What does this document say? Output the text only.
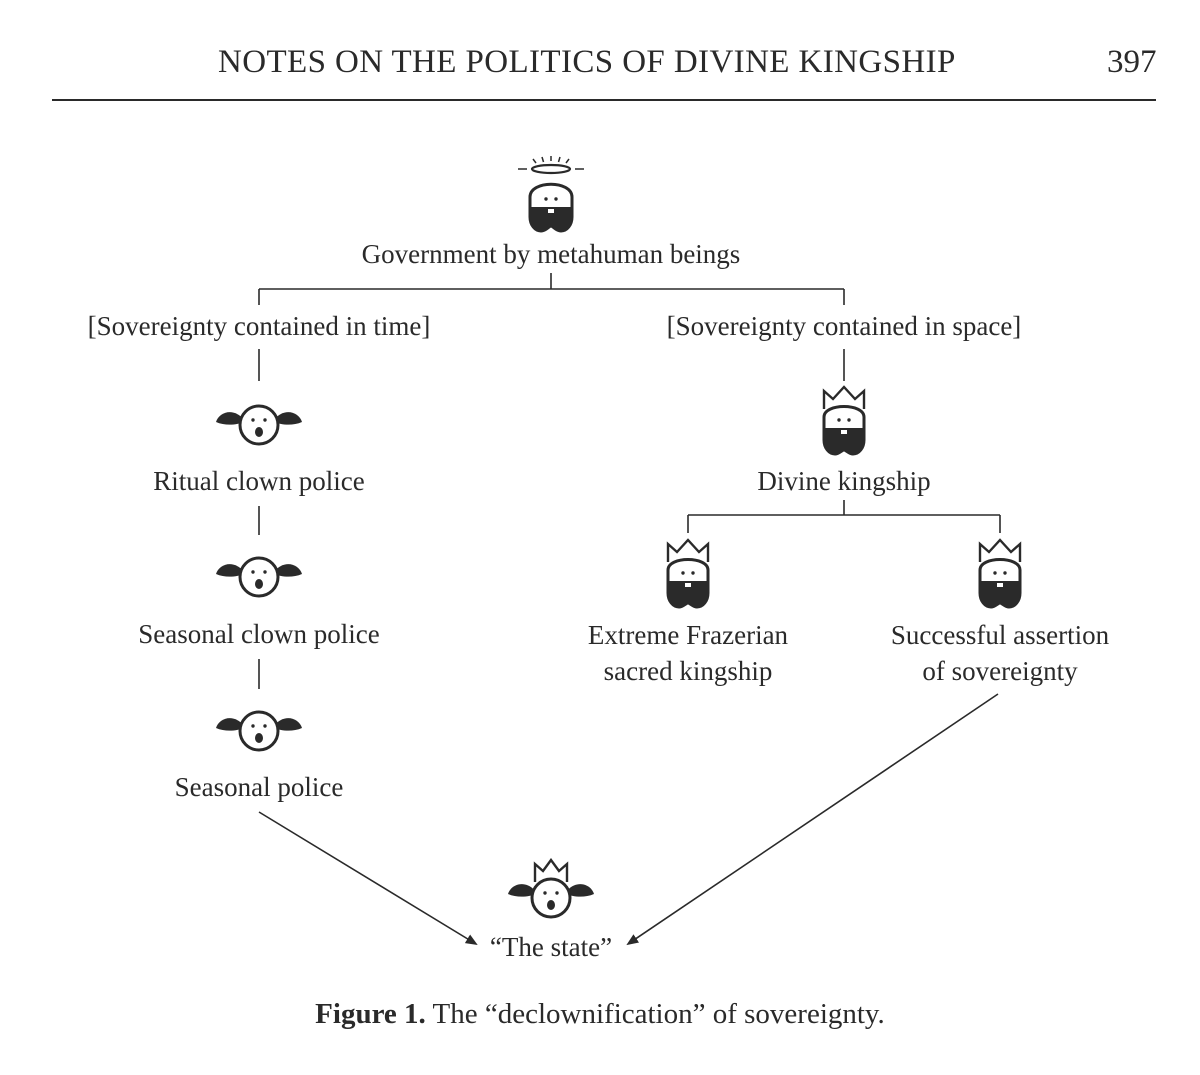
NOTES ON THE POLITICS OF DIVINE KINGSHIP	397
Government by metahuman beings
[Sovereignty contained in time]	[Sovereignty contained in space]
Ritual clown police
Seasonal clown police
Seasonal police
Divine kingship
Extreme Frazerian
sacred kingship
Successful assertion
of sovereignty
“The state”
Figure 1. The “declownification” of sovereignty.
